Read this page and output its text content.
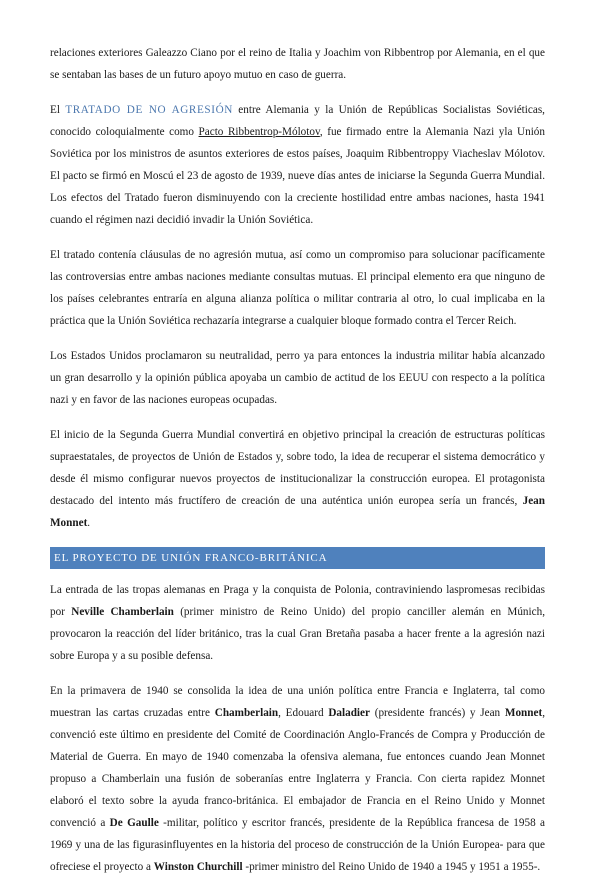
relaciones exteriores Galeazzo Ciano por el reino de Italia y Joachim von Ribbentrop por Alemania, en el que se sentaban las bases de un futuro apoyo mutuo en caso de guerra.

El TRATADO DE NO AGRESIÓN entre Alemania y la Unión de Repúblicas Socialistas Soviéticas, conocido coloquialmente como Pacto Ribbentrop-Mólotov, fue firmado entre la Alemania Nazi yla Unión Soviética por los ministros de asuntos exteriores de estos países, Joaquim Ribbentroppy Viacheslav Mólotov. El pacto se firmó en Moscú el 23 de agosto de 1939, nueve días antes de iniciarse la Segunda Guerra Mundial. Los efectos del Tratado fueron disminuyendo con la creciente hostilidad entre ambas naciones, hasta 1941 cuando el régimen nazi decidió invadir la Unión Soviética.

El tratado contenía cláusulas de no agresión mutua, así como un compromiso para solucionar pacíficamente las controversias entre ambas naciones mediante consultas mutuas. El principal elemento era que ninguno de los países celebrantes entraría en alguna alianza política o militar contraria al otro, lo cual implicaba en la práctica que la Unión Soviética rechazaría integrarse a cualquier bloque formado contra el Tercer Reich.

Los Estados Unidos proclamaron su neutralidad, perro ya para entonces la industria militar había alcanzado un gran desarrollo y la opinión pública apoyaba un cambio de actitud de los EEUU con respecto a la política nazi y en favor de las naciones europeas ocupadas.

El inicio de la Segunda Guerra Mundial convertirá en objetivo principal la creación de estructuras políticas supraestatales, de proyectos de Unión de Estados y, sobre todo, la idea de recuperar el sistema democrático y desde él mismo configurar nuevos proyectos de institucionalizar la construcción europea. El protagonista destacado del intento más fructífero de creación de una auténtica unión europea sería un francés, Jean Monnet.

EL PROYECTO DE UNIÓN FRANCO-BRITÁNICA

La entrada de las tropas alemanas en Praga y la conquista de Polonia, contraviniendo laspromesas recibidas por Neville Chamberlain (primer ministro de Reino Unido) del propio canciller alemán en Múnich, provocaron la reacción del líder británico, tras la cual Gran Bretaña pasaba a hacer frente a la agresión nazi sobre Europa y a su posible defensa.

En la primavera de 1940 se consolida la idea de una unión política entre Francia e Inglaterra, tal como muestran las cartas cruzadas entre Chamberlain, Edouard Daladier (presidente francés) y Jean Monnet, convenció este último en presidente del Comité de Coordinación Anglo-Francés de Compra y Producción de Material de Guerra. En mayo de 1940 comenzaba la ofensiva alemana, fue entonces cuando Jean Monnet propuso a Chamberlain una fusión de soberanías entre Inglaterra y Francia. Con cierta rapidez Monnet elaboró el texto sobre la ayuda franco-británica. El embajador de Francia en el Reino Unido y Monnet convenció a De Gaulle -militar, político y escritor francés, presidente de la República francesa de 1958 a 1969 y una de las figurasinfluyentes en la historia del proceso de construcción de la Unión Europea- para que ofreciese el proyecto a Winston Churchill -primer ministro del Reino Unido de 1940 a 1945 y 1951 a 1955-.
